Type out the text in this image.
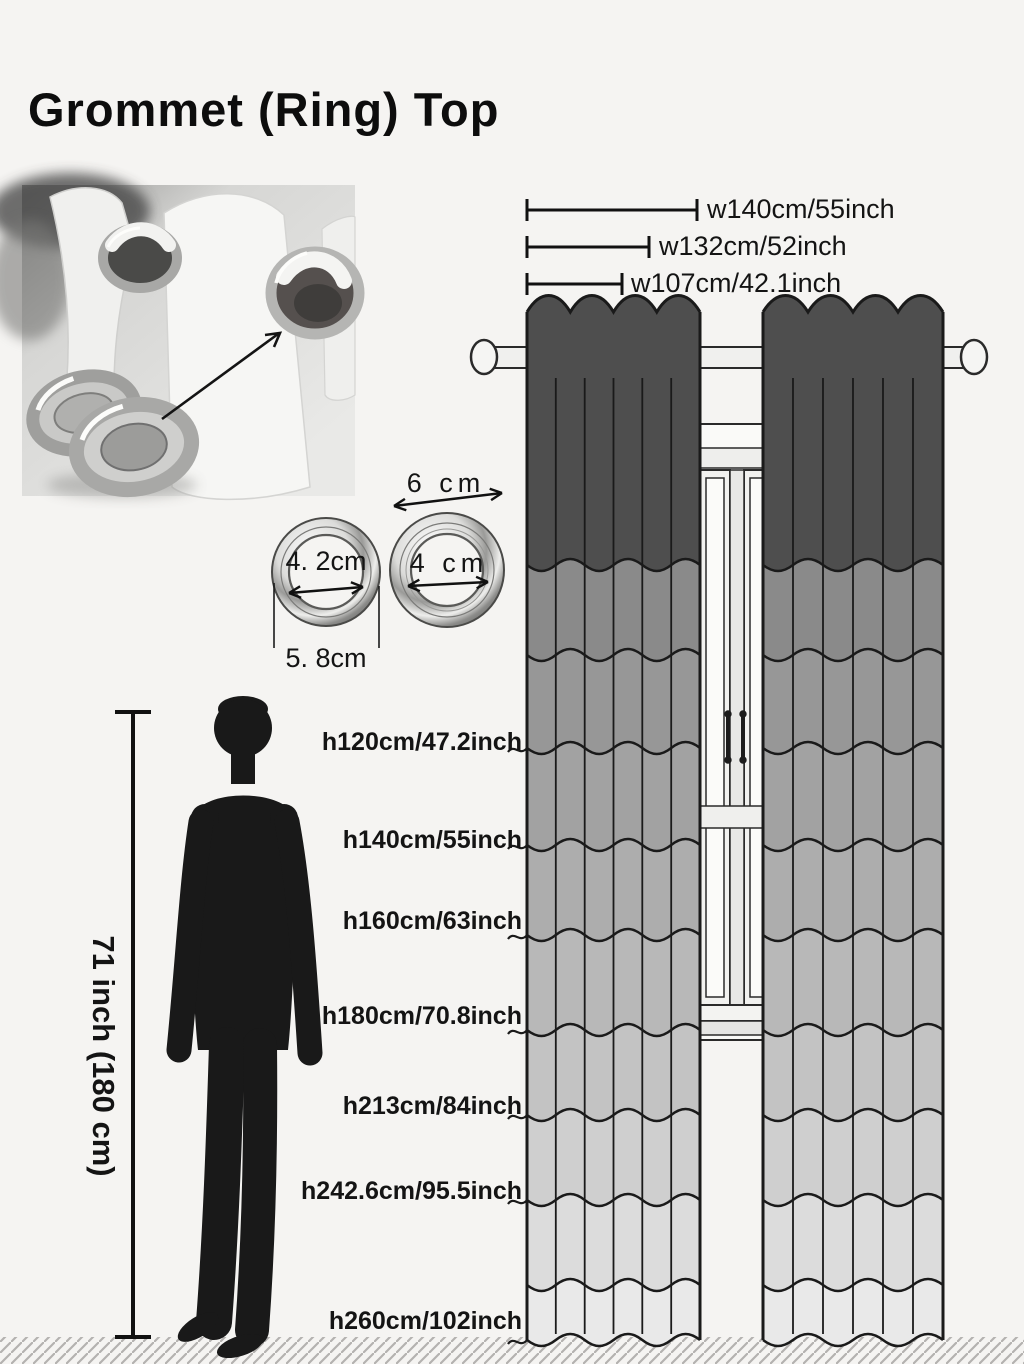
Grommet (Ring) Top
w140cm/55inch
w132cm/52inch
w107cm/42.1inch
4. 2cm
5. 8cm
6 cm
4 cm
71 inch (180 cm)
h120cm/47.2inch
h140cm/55inch
h160cm/63inch
h180cm/70.8inch
h213cm/84inch
h242.6cm/95.5inch
h260cm/102inch
